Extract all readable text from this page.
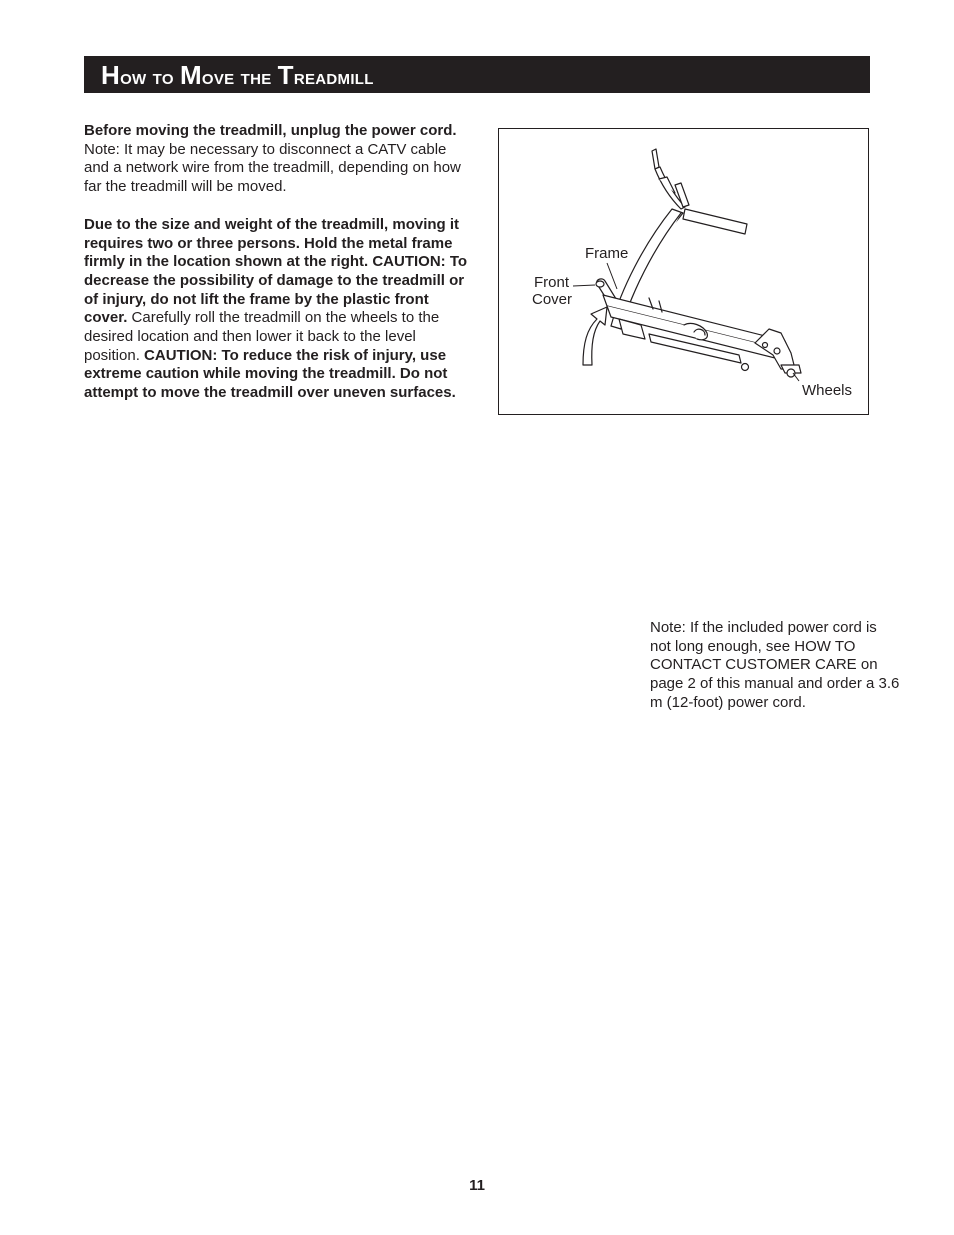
How to Move the Treadmill

Before moving the treadmill, unplug the power cord. Note: It may be necessary to disconnect a CATV cable and a network wire from the treadmill, depending on how far the treadmill will be moved.

Due to the size and weight of the treadmill, moving it requires two or three persons. Hold the metal frame firmly in the location shown at the right. CAUTION: To decrease the possibility of damage to the treadmill or of injury, do not lift the frame by the plastic front cover. Carefully roll the treadmill on the wheels to the desired location and then lower it back to the level position. CAUTION: To reduce the risk of injury, use extreme caution while moving the treadmill. Do not attempt to move the treadmill over uneven surfaces.

Frame
Front
Cover
Wheels

Note: If the included power cord is not long enough, see HOW TO CONTACT CUSTOMER CARE on page 2 of this manual and order a 3.6 m (12-foot) power cord.

11
